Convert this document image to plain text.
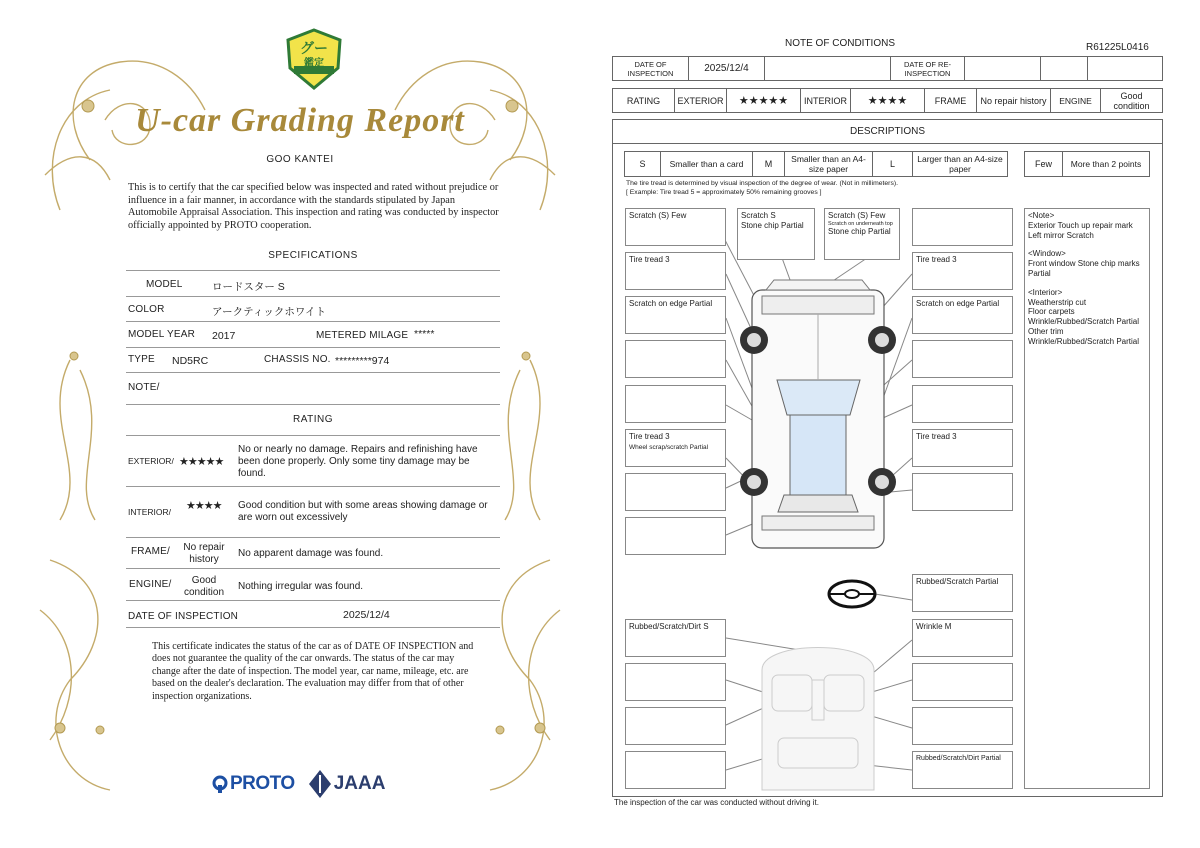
グー
鑑定
U-car Grading Report
GOO KANTEI
This is to certify that the car specified below was inspected and rated without prejudice or influence in a fair manner, in accordance with the standards stipulated by Japan Automobile Appraisal Association. This inspection and rating was conducted by inspector officially appointed by PROTO cooperation.
SPECIFICATIONS
MODEL	ロードスター S
COLOR	アークティックホワイト
MODEL YEAR 2017	METERED MILAGE *****
TYPE ND5RC	CHASSIS NO. *********974
NOTE/
RATING
EXTERIOR/ ★★★★★
No or nearly no damage. Repairs and refinishing have been done properly. Only some tiny damage may be found.
INTERIOR/ ★★★★ Good condition but with some areas showing damage or are worn out excessively
FRAME/	No repair history
No apparent damage was found.
ENGINE/	Good condition
Nothing irregular was found.
DATE OF INSPECTION	2025/12/4
This certificate indicates the status of the car as of DATE OF INSPECTION and does not guarantee the quality of the car onwards. The status of the car may change after the date of inspection. The model year, car name, mileage, etc. are based on the dealer's declaration. The evaluation may differ from that of other inspection organizations.
PROTO JAAA
NOTE OF CONDITIONS	R61225L0416
DATE OF INSPECTION	2025/12/4		DATE OF RE-INSPECTION			
RATING	EXTERIOR	★★★★★	INTERIOR	★★★★	FRAME	No repair history	ENGINE	Good condition
DESCRIPTIONS
S	Smaller than a card	M	Smaller than an A4-size paper	L	Larger than an A4-size paper	Few	More than 2 points
The tire tread is determined by visual inspection of the degree of wear. (Not in millimeters).
[ Example: Tire tread 5 = approximately 50% remaining grooves ]
Scratch (S) Few
Tire tread 3
Scratch on edge Partial
Tire tread 3
Wheel scrap/scratch Partial
Rubbed/Scratch/Dirt S
Scratch S
Stone chip Partial
Scratch (S) Few
Scratch on underneath top
Stone chip Partial
Tire tread 3
Scratch on edge Partial
Tire tread 3
Rubbed/Scratch Partial
Wrinkle M
Rubbed/Scratch/Dirt Partial
<Note>
Exterior Touch up repair mark Left mirror Scratch
<Window>
Front window Stone chip marks Partial
<Interior>
Weatherstrip cut
Floor carpets
Wrinkle/Rubbed/Scratch Partial
Other trim
Wrinkle/Rubbed/Scratch Partial
The inspection of the car was conducted without driving it.
